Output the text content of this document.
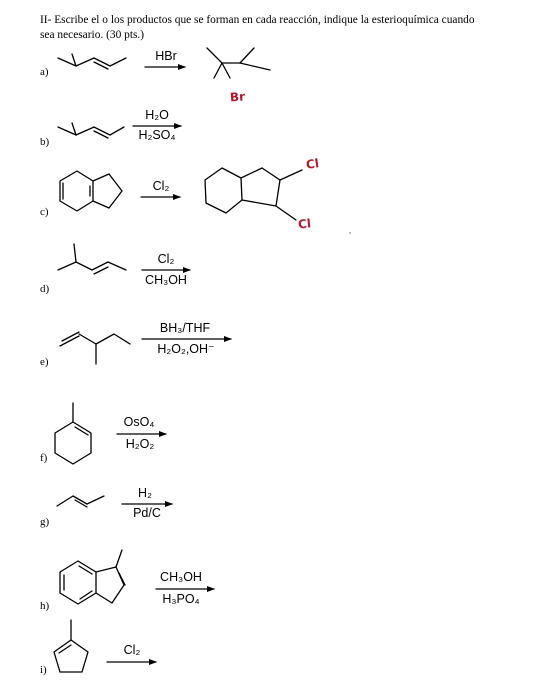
II- Escribe el o los productos que se forman en cada reacción, indique la esterioquímica cuando
sea necesario. (30 pts.)
a)
b)
c)
d)
e)
f)
g)
h)
i)
HBr
H₂O
H₂SO₄
Cl₂
Cl₂
CH₃OH
BH₃/THF
H₂O₂,OH⁻
OsO₄
H₂O₂
H₂
Pd/C
CH₃OH
H₃PO₄
Cl₂
Br
Cl
Cl
